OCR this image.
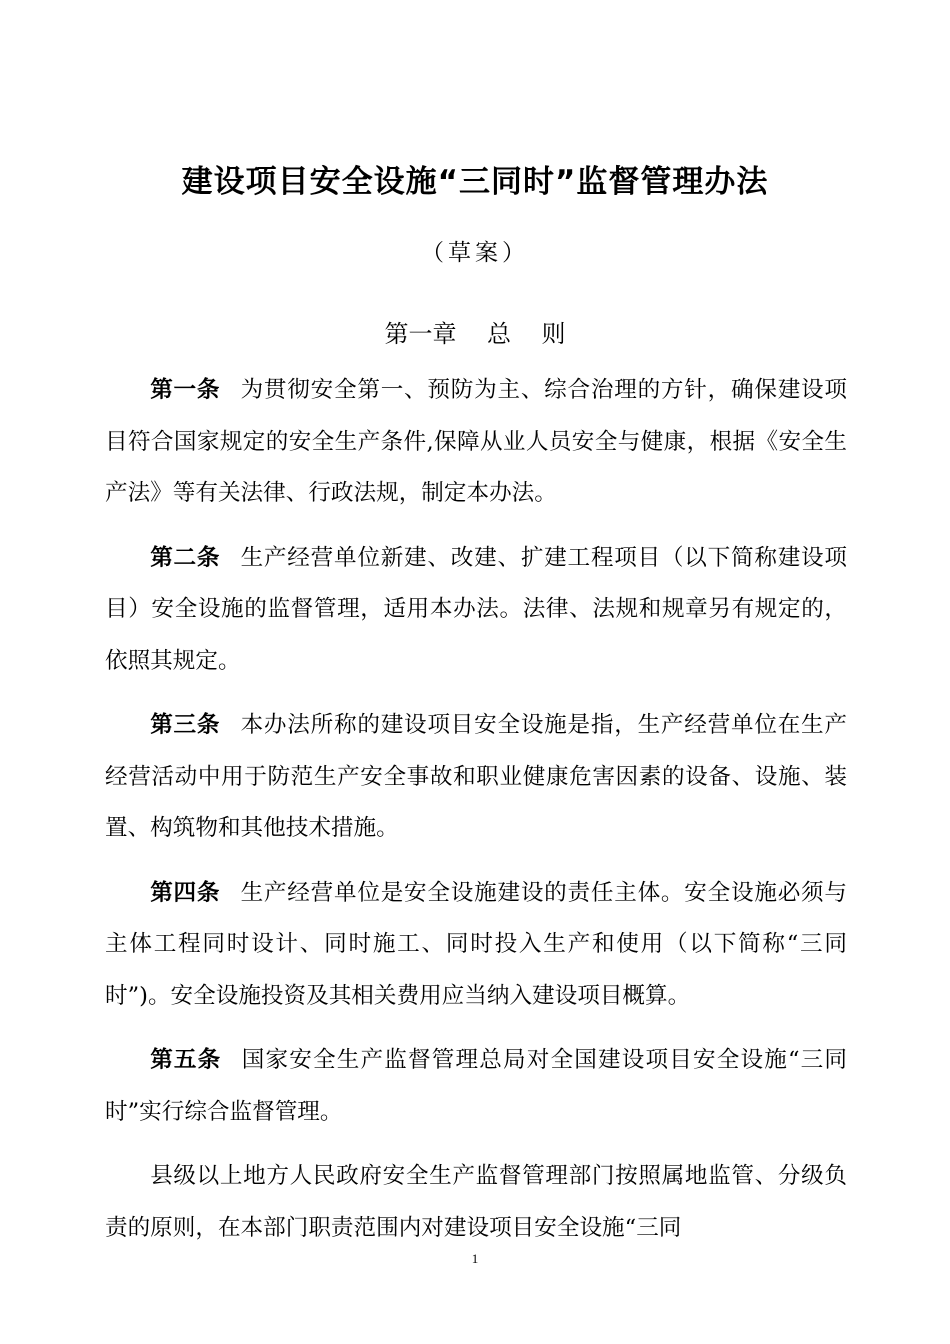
建设项目安全设施“三同时”监督管理办法
（草案）
第一章    总    则

第一条 为贯彻安全第一、预防为主、综合治理的方针，确保建设项目符合国家规定的安全生产条件,保障从业人员安全与健康，根据《安全生产法》等有关法律、行政法规，制定本办法。

第二条 生产经营单位新建、改建、扩建工程项目（以下简称建设项目）安全设施的监督管理，适用本办法。法律、法规和规章另有规定的，依照其规定。

第三条 本办法所称的建设项目安全设施是指，生产经营单位在生产经营活动中用于防范生产安全事故和职业健康危害因素的设备、设施、装置、构筑物和其他技术措施。

第四条 生产经营单位是安全设施建设的责任主体。安全设施必须与主体工程同时设计、同时施工、同时投入生产和使用（以下简称“三同时”)。安全设施投资及其相关费用应当纳入建设项目概算。

第五条 国家安全生产监督管理总局对全国建设项目安全设施“三同时”实行综合监督管理。

县级以上地方人民政府安全生产监督管理部门按照属地监管、分级负责的原则，在本部门职责范围内对建设项目安全设施“三同

1
